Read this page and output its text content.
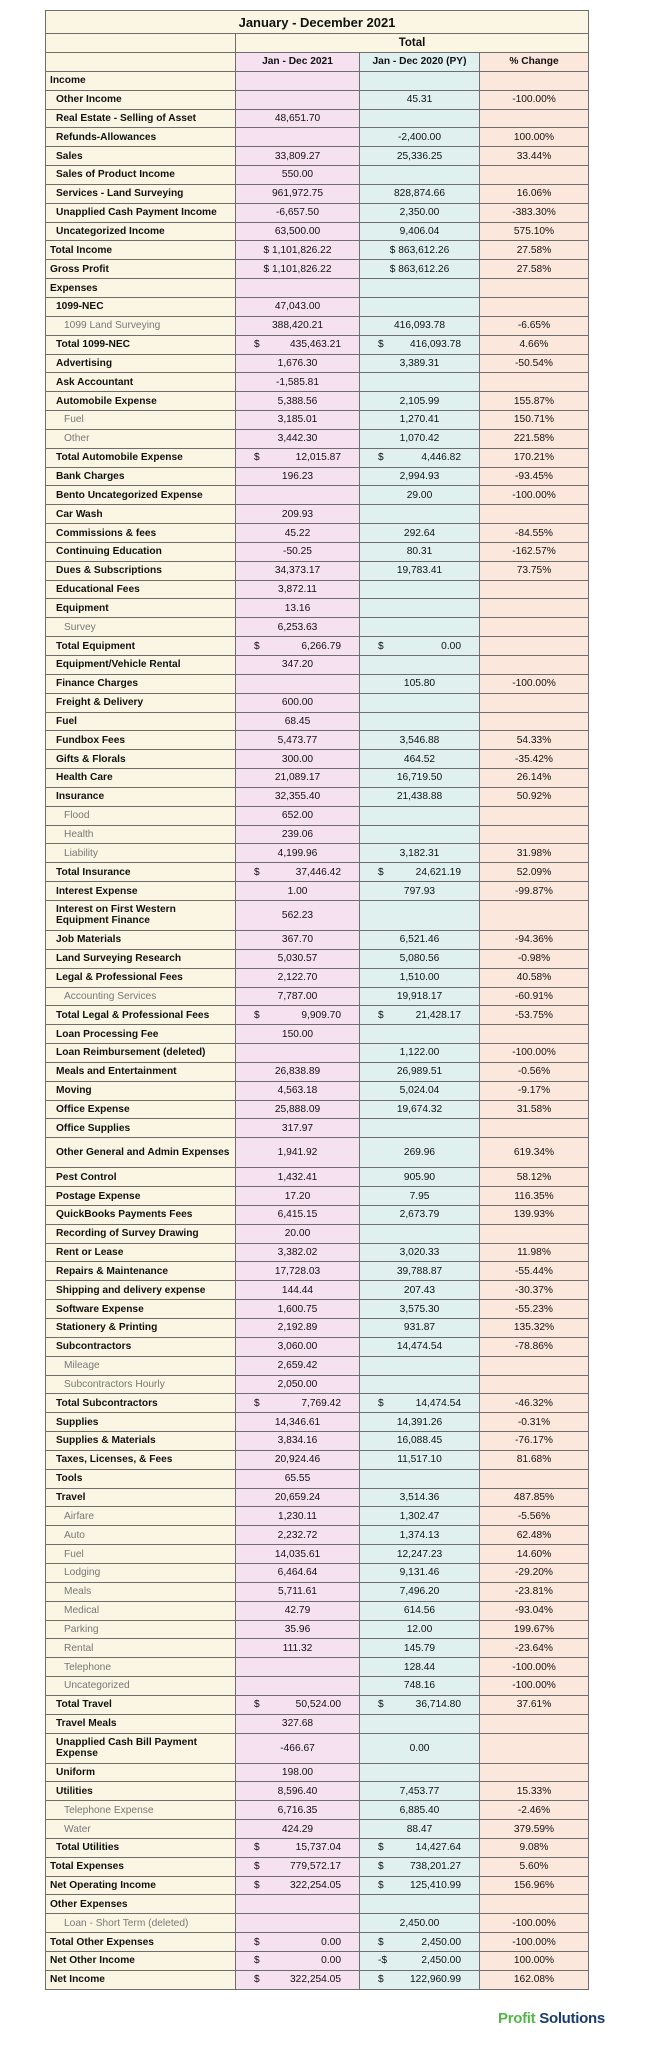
January - December 2021			
	Total		
	Jan - Dec 2021	Jan - Dec 2020 (PY)	% Change
Income			
Other Income		45.31	-100.00%
Real Estate - Selling of Asset	48,651.70		
Refunds-Allowances		-2,400.00	100.00%
Sales	33,809.27	25,336.25	33.44%
Sales of Product Income	550.00		
Services - Land Surveying	961,972.75	828,874.66	16.06%
Unapplied Cash Payment Income	-6,657.50	2,350.00	-383.30%
Uncategorized Income	63,500.00	9,406.04	575.10%
Total Income	$ 1,101,826.22	$ 863,612.26	27.58%
Gross Profit	$ 1,101,826.22	$ 863,612.26	27.58%
Expenses			
1099-NEC	47,043.00		
1099 Land Surveying	388,420.21	416,093.78	-6.65%
Total 1099-NEC	$ 435,463.21	$ 416,093.78	4.66%
Advertising	1,676.30	3,389.31	-50.54%
Ask Accountant	-1,585.81		
Automobile Expense	5,388.56	2,105.99	155.87%
Fuel	3,185.01	1,270.41	150.71%
Other	3,442.30	1,070.42	221.58%
Total Automobile Expense	$ 12,015.87	$ 4,446.82	170.21%
Bank Charges	196.23	2,994.93	-93.45%
Bento Uncategorized Expense		29.00	-100.00%
Car Wash	209.93		
Commissions & fees	45.22	292.64	-84.55%
Continuing Education	-50.25	80.31	-162.57%
Dues & Subscriptions	34,373.17	19,783.41	73.75%
Educational Fees	3,872.11		
Equipment	13.16		
Survey	6,253.63		
Total Equipment	$ 6,266.79	$ 0.00	

Equipment/Vehicle Rental	347.20		
Finance Charges		105.80	-100.00%
Freight & Delivery	600.00		
Fuel	68.45		
Fundbox Fees	5,473.77	3,546.88	54.33%
Gifts & Florals	300.00	464.52	-35.42%
Health Care	21,089.17	16,719.50	26.14%
Insurance	32,355.40	21,438.88	50.92%
Flood	652.00		
Health	239.06		
Liability	4,199.96	3,182.31	31.98%
Total Insurance	$ 37,446.42	$ 24,621.19	52.09%
Interest Expense	1.00	797.93	-99.87%
Interest on First Western Equipment Finance	562.23		
Job Materials	367.70	6,521.46	-94.36%
Land Surveying Research	5,030.57	5,080.56	-0.98%
Legal & Professional Fees	2,122.70	1,510.00	40.58%
Accounting Services	7,787.00	19,918.17	-60.91%
Total Legal & Professional Fees	$ 9,909.70	$ 21,428.17	-53.75%
Loan Processing Fee	150.00		
Loan Reimbursement (deleted)		1,122.00	-100.00%
Meals and Entertainment	26,838.89	26,989.51	-0.56%
Moving	4,563.18	5,024.04	-9.17%
Office Expense	25,888.09	19,674.32	31.58%
Office Supplies	317.97		
Other General and Admin Expenses	1,941.92	269.96	619.34%
Pest Control	1,432.41	905.90	58.12%
Postage Expense	17.20	7.95	116.35%
QuickBooks Payments Fees	6,415.15	2,673.79	139.93%
Recording of Survey Drawing	20.00		
Rent or Lease	3,382.02	3,020.33	11.98%
Repairs & Maintenance	17,728.03	39,788.87	-55.44%
Shipping and delivery expense	144.44	207.43	-30.37%
Software Expense	1,600.75	3,575.30	-55.23%
Stationery & Printing	2,192.89	931.87	135.32%
Subcontractors	3,060.00	14,474.54	-78.86%
Mileage	2,659.42		
Subcontractors Hourly	2,050.00		
Total Subcontractors	$ 7,769.42	$ 14,474.54	-46.32%
Supplies	14,346.61	14,391.26	-0.31%
Supplies & Materials	3,834.16	16,088.45	-76.17%
Taxes, Licenses, & Fees	20,924.46	11,517.10	81.68%
Tools	65.55		
Travel	20,659.24	3,514.36	487.85%
Airfare	1,230.11	1,302.47	-5.56%
Auto	2,232.72	1,374.13	62.48%
Fuel	14,035.61	12,247.23	14.60%
Lodging	6,464.64	9,131.46	-29.20%
Meals	5,711.61	7,496.20	-23.81%
Medical	42.79	614.56	-93.04%
Parking	35.96	12.00	199.67%
Rental	111.32	145.79	-23.64%
Telephone		128.44	-100.00%
Uncategorized		748.16	-100.00%
Total Travel	$ 50,524.00	$ 36,714.80	37.61%
Travel Meals	327.68		
Unapplied Cash Bill Payment Expense	-466.67	0.00	
Uniform	198.00		
Utilities	8,596.40	7,453.77	15.33%
Telephone Expense	6,716.35	6,885.40	-2.46%
Water	424.29	88.47	379.59%
Total Utilities	$ 15,737.04	$ 14,427.64	9.08%
Total Expenses	$ 779,572.17	$ 738,201.27	5.60%
Net Operating Income	$ 322,254.05	$ 125,410.99	156.96%
Other Expenses			
Loan - Short Term (deleted)		2,450.00	-100.00%
Total Other Expenses	$ 0.00	$ 2,450.00	-100.00%
Net Other Income	$ 0.00	-$ 2,450.00	100.00%
Net Income	$ 322,254.05	$ 122,960.99	162.08%
Profit Solutions
